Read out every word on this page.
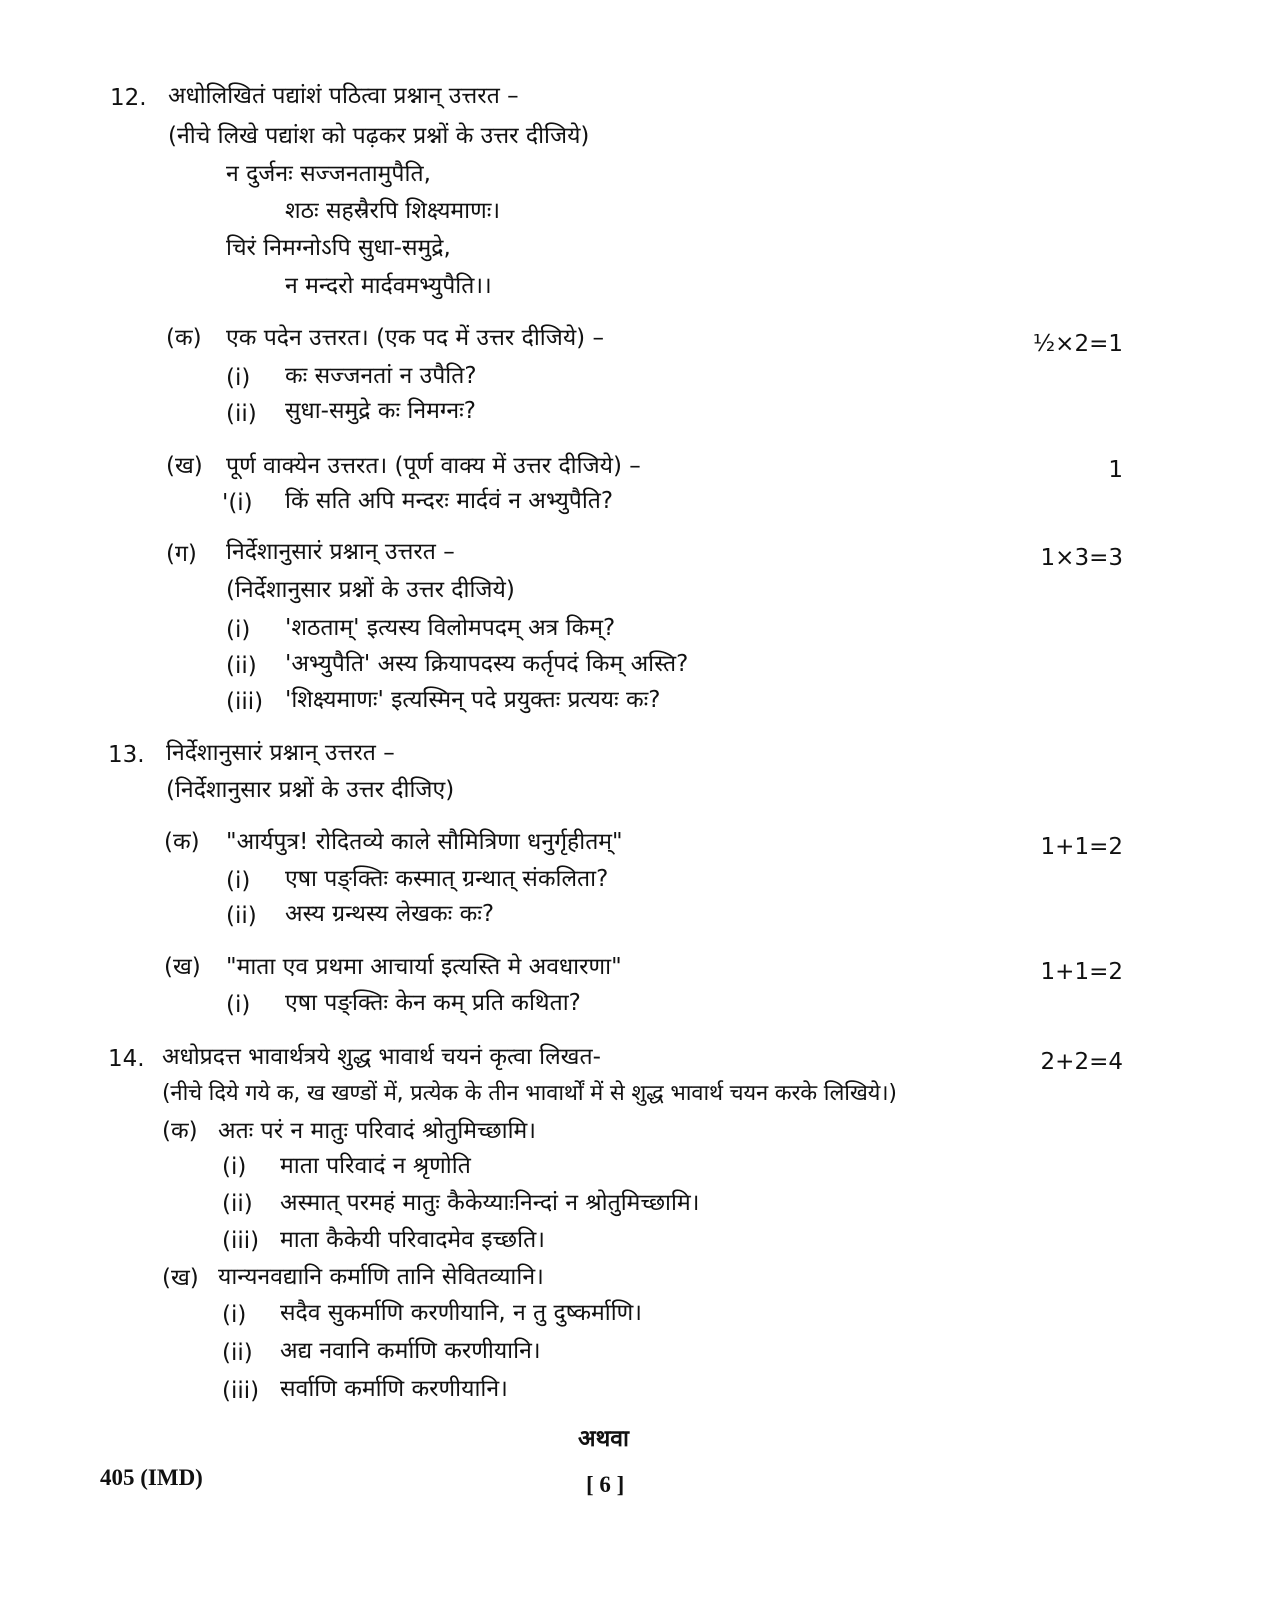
12. अधोलिखितं पद्यांशं पठित्वा प्रश्नान् उत्तरत –
(नीचे लिखे पद्यांश को पढ़कर प्रश्नों के उत्तर दीजिये)
न दुर्जनः सज्जनतामुपैति,
शठः सहस्रैरपि शिक्ष्यमाणः।
चिरं निमग्नोऽपि सुधा-समुद्रे,
न मन्दरो मार्दवमभ्युपैति।।
(क) एक पदेन उत्तरत। (एक पद में उत्तर दीजिये) –	½×2=1
(i) कः सज्जनतां न उपैति?
(ii) सुधा-समुद्रे कः निमग्नः?
(ख) पूर्ण वाक्येन उत्तरत। (पूर्ण वाक्य में उत्तर दीजिये) –	1
'(i) किं सति अपि मन्दरः मार्दवं न अभ्युपैति?
(ग) निर्देशानुसारं प्रश्नान् उत्तरत –	1×3=3
(निर्देशानुसार प्रश्नों के उत्तर दीजिये)
(i) 'शठताम्' इत्यस्य विलोमपदम् अत्र किम्?
(ii) 'अभ्युपैति' अस्य क्रियापदस्य कर्तृपदं किम् अस्ति?
(iii) 'शिक्ष्यमाणः' इत्यस्मिन् पदे प्रयुक्तः प्रत्ययः कः?
13. निर्देशानुसारं प्रश्नान् उत्तरत –
(निर्देशानुसार प्रश्नों के उत्तर दीजिए)
(क) "आर्यपुत्र! रोदितव्ये काले सौमित्रिणा धनुर्गृहीतम्"	1+1=2
(i) एषा पङ्क्तिः कस्मात् ग्रन्थात् संकलिता?
(ii) अस्य ग्रन्थस्य लेखकः कः?
(ख) "माता एव प्रथमा आचार्या इत्यस्ति मे अवधारणा"	1+1=2
(i) एषा पङ्क्तिः केन कम् प्रति कथिता?
14. अधोप्रदत्त भावार्थत्रये शुद्ध भावार्थ चयनं कृत्वा लिखत-	2+2=4
(नीचे दिये गये क, ख खण्डों में, प्रत्येक के तीन भावार्थों में से शुद्ध भावार्थ चयन करके लिखिये।)
(क) अतः परं न मातुः परिवादं श्रोतुमिच्छामि।
(i) माता परिवादं न श्रृणोति
(ii) अस्मात् परमहं मातुः कैकेय्याःनिन्दां न श्रोतुमिच्छामि।
(iii) माता कैकेयी परिवादमेव इच्छति।
(ख) यान्यनवद्यानि कर्माणि तानि सेवितव्यानि।
(i) सदैव सुकर्माणि करणीयानि, न तु दुष्कर्माणि।
(ii) अद्य नवानि कर्माणि करणीयानि।
(iii) सर्वाणि कर्माणि करणीयानि।
अथवा
405 (IMD)	[ 6 ]
